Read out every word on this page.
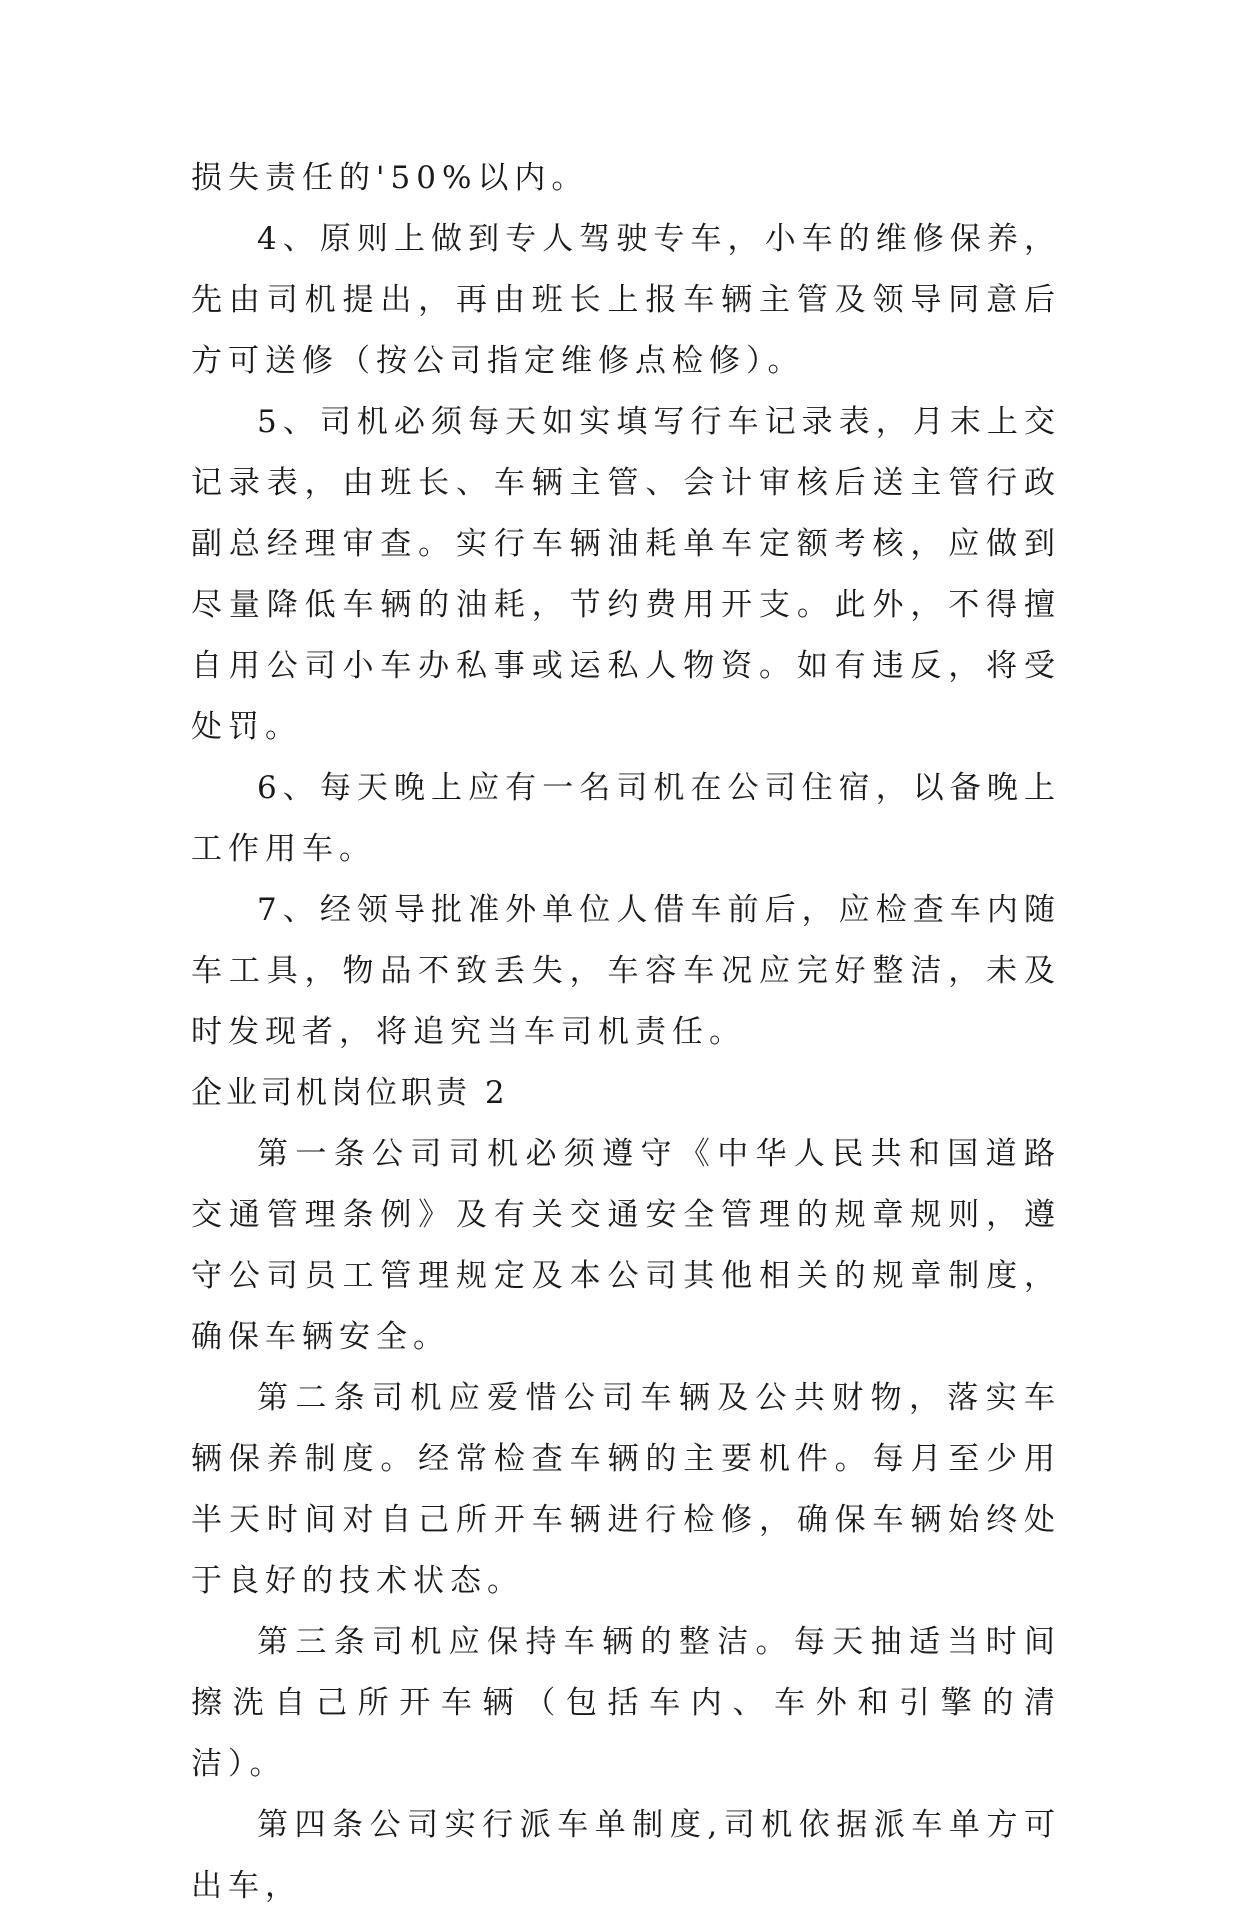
损失责任的'50%以内。

4、原则上做到专人驾驶专车，小车的维修保养，先由司机提出，再由班长上报车辆主管及领导同意后方可送修（按公司指定维修点检修）。

5、司机必须每天如实填写行车记录表，月末上交记录表，由班长、车辆主管、会计审核后送主管行政副总经理审查。实行车辆油耗单车定额考核，应做到尽量降低车辆的油耗，节约费用开支。此外，不得擅自用公司小车办私事或运私人物资。如有违反，将受处罚。

6、每天晚上应有一名司机在公司住宿，以备晚上工作用车。

7、经领导批准外单位人借车前后，应检查车内随车工具，物品不致丢失，车容车况应完好整洁，未及时发现者，将追究当车司机责任。

企业司机岗位职责 2

第一条公司司机必须遵守《中华人民共和国道路交通管理条例》及有关交通安全管理的规章规则，遵守公司员工管理规定及本公司其他相关的规章制度，确保车辆安全。

第二条司机应爱惜公司车辆及公共财物，落实车辆保养制度。经常检查车辆的主要机件。每月至少用半天时间对自己所开车辆进行检修，确保车辆始终处于良好的技术状态。

第三条司机应保持车辆的整洁。每天抽适当时间擦洗自己所开车辆（包括车内、车外和引擎的清洁）。

第四条公司实行派车单制度,司机依据派车单方可出车，
